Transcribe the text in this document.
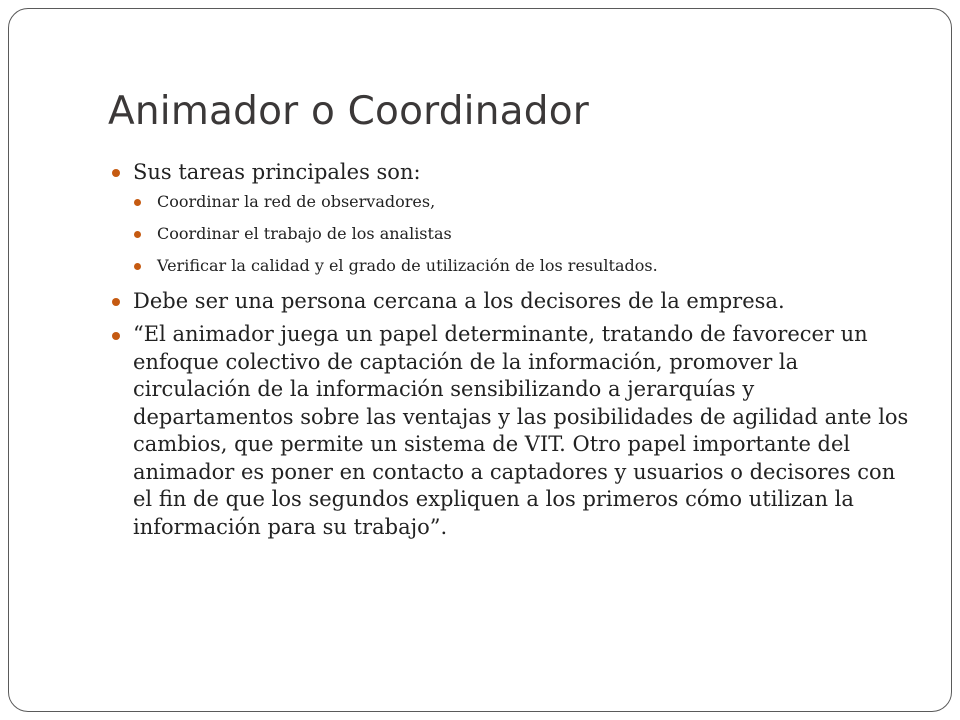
Animador o Coordinador
Sus tareas principales son:
Coordinar la red de observadores,
Coordinar el trabajo de los analistas
Verificar la calidad y el grado de utilización de los resultados.
Debe ser una persona cercana a los decisores de la empresa.
“El animador juega un papel determinante, tratando de favorecer un enfoque colectivo de captación de la información, promover la circulación de la información sensibilizando a jerarquías y departamentos sobre las ventajas y las posibilidades de agilidad ante los cambios, que permite un sistema de VIT. Otro papel importante del animador es poner en contacto a captadores y usuarios o decisores con el fin de que los segundos expliquen a los primeros cómo utilizan la información para su trabajo”.
